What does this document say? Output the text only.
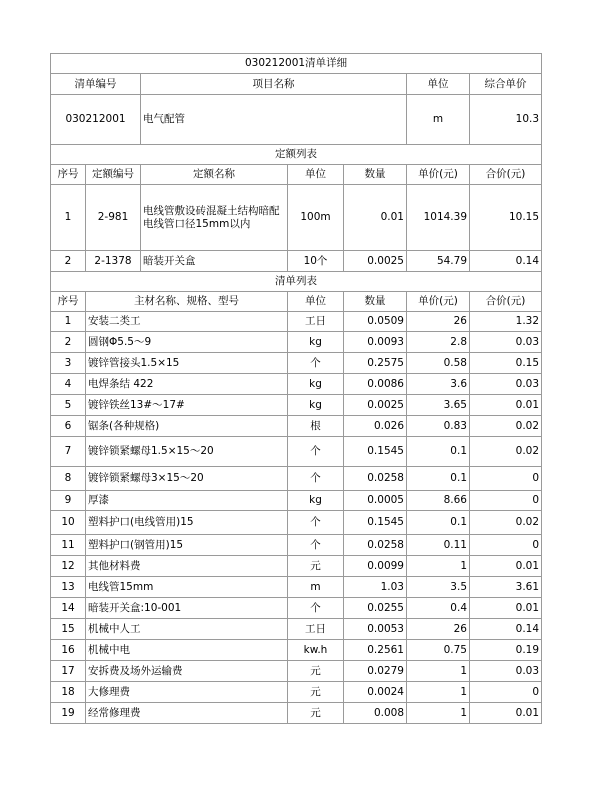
030212001清单详细						
清单编号		项目名称			单位	综合单价
030212001		电气配管			m	10.3
定额列表						
序号	定额编号	定额名称	单位	数量	单价(元)	合价(元)
1	2-981	电线管敷设砖混凝土结构暗配电线管口径15mm以内	100m	0.01	1014.39	10.15
2	2-1378	暗装开关盒	10个	0.0025	54.79	0.14
清单列表						
序号	主材名称、规格、型号		单位	数量	单价(元)	合价(元)
1	安装二类工		工日	0.0509	26	1.32
2	圆钢Φ5.5～9		kg	0.0093	2.8	0.03
3	镀锌管接头1.5×15		个	0.2575	0.58	0.15
4	电焊条结 422		kg	0.0086	3.6	0.03
5	镀锌铁丝13#～17#		kg	0.0025	3.65	0.01
6	锯条(各种规格)		根	0.026	0.83	0.02
7	镀锌锁紧螺母1.5×15～20		个	0.1545	0.1	0.02
8	镀锌锁紧螺母3×15～20		个	0.0258	0.1	0
9	厚漆		kg	0.0005	8.66	0
10	塑料护口(电线管用)15		个	0.1545	0.1	0.02
11	塑料护口(钢管用)15		个	0.0258	0.11	0
12	其他材料费		元	0.0099	1	0.01
13	电线管15mm		m	1.03	3.5	3.61
14	暗装开关盒:10-001		个	0.0255	0.4	0.01
15	机械中人工		工日	0.0053	26	0.14
16	机械中电		kw.h	0.2561	0.75	0.19
17	安拆费及场外运输费		元	0.0279	1	0.03
18	大修理费		元	0.0024	1	0
19	经常修理费		元	0.008	1	0.01
